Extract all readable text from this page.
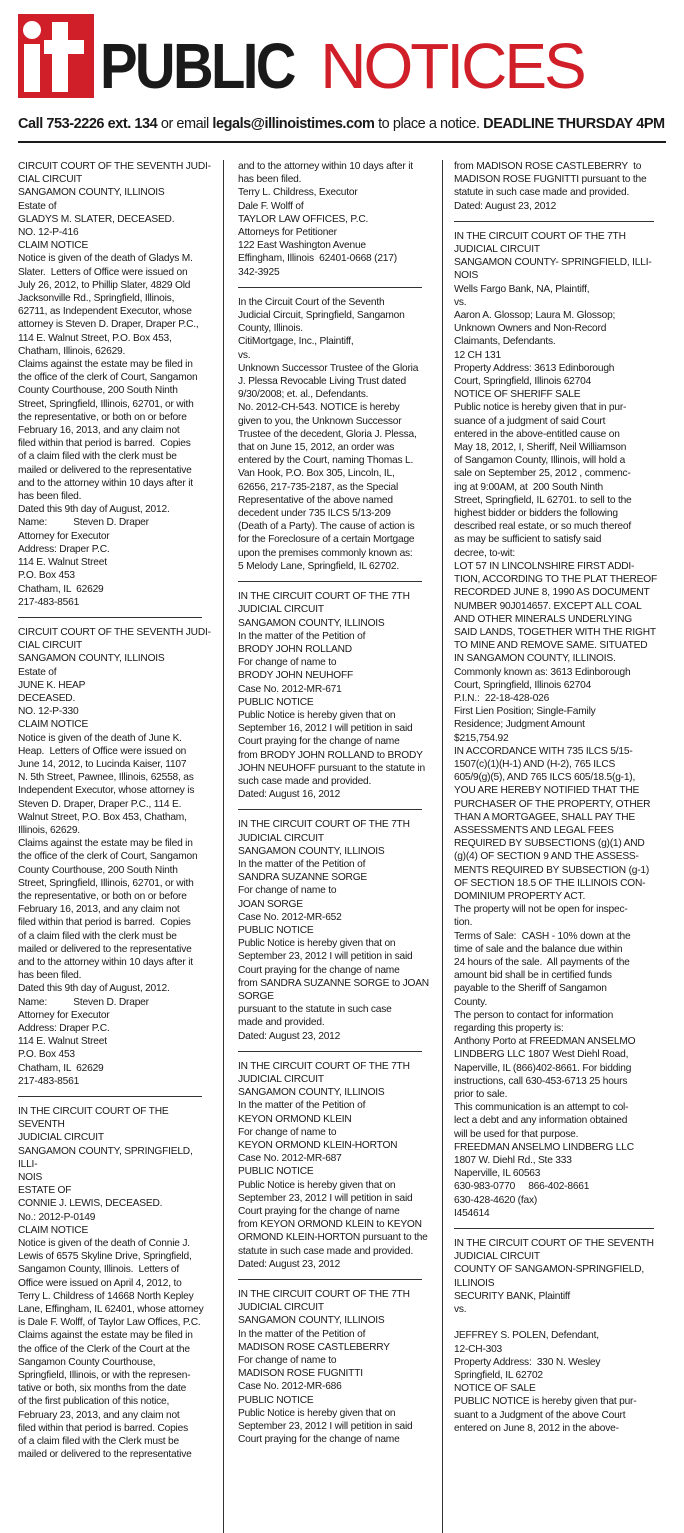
PUBLIC NOTICES
Call 753-2226 ext. 134 or email legals@illinoistimes.com to place a notice. DEADLINE THURSDAY 4PM
CIRCUIT COURT OF THE SEVENTH JUDI-
CIAL CIRCUIT
SANGAMON COUNTY, ILLINOIS
Estate of
GLADYS M. SLATER, DECEASED.
NO. 12-P-416
CLAIM NOTICE
Notice is given of the death of Gladys M.
Slater.  Letters of Office were issued on
July 26, 2012, to Phillip Slater, 4829 Old
Jacksonville Rd., Springfield, Illinois,
62711, as Independent Executor, whose
attorney is Steven D. Draper, Draper P.C.,
114 E. Walnut Street, P.O. Box 453,
Chatham, Illinois, 62629.
Claims against the estate may be filed in
the office of the clerk of Court, Sangamon
County Courthouse, 200 South Ninth
Street, Springfield, Illinois, 62701, or with
the representative, or both on or before
February 16, 2013, and any claim not
filed within that period is barred.  Copies
of a claim filed with the clerk must be
mailed or delivered to the representative
and to the attorney within 10 days after it
has been filed.
Dated this 9th day of August, 2012.
Name:          Steven D. Draper
Attorney for Executor
Address: Draper P.C.
114 E. Walnut Street
P.O. Box 453
Chatham, IL  62629
217-483-8561
CIRCUIT COURT OF THE SEVENTH JUDI-
CIAL CIRCUIT
SANGAMON COUNTY, ILLINOIS
Estate of
JUNE K. HEAP
DECEASED.
NO. 12-P-330
CLAIM NOTICE
Notice is given of the death of June K.
Heap.  Letters of Office were issued on
June 14, 2012, to Lucinda Kaiser, 1107
N. 5th Street, Pawnee, Illinois, 62558, as
Independent Executor, whose attorney is
Steven D. Draper, Draper P.C., 114 E.
Walnut Street, P.O. Box 453, Chatham,
Illinois, 62629.
Claims against the estate may be filed in
the office of the clerk of Court, Sangamon
County Courthouse, 200 South Ninth
Street, Springfield, Illinois, 62701, or with
the representative, or both on or before
February 16, 2013, and any claim not
filed within that period is barred.  Copies
of a claim filed with the clerk must be
mailed or delivered to the representative
and to the attorney within 10 days after it
has been filed.
Dated this 9th day of August, 2012.
Name:          Steven D. Draper
Attorney for Executor
Address: Draper P.C.
114 E. Walnut Street
P.O. Box 453
Chatham, IL  62629
217-483-8561
IN THE CIRCUIT COURT OF THE SEVENTH
JUDICIAL CIRCUIT
SANGAMON COUNTY, SPRINGFIELD, ILLI-
NOIS
ESTATE OF
CONNIE J. LEWIS, DECEASED.
No.: 2012-P-0149
CLAIM NOTICE
Notice is given of the death of Connie J.
Lewis of 6575 Skyline Drive, Springfield,
Sangamon County, Illinois.  Letters of
Office were issued on April 4, 2012, to
Terry L. Childress of 14668 North Kepley
Lane, Effingham, IL 62401, whose attorney
is Dale F. Wolff, of Taylor Law Offices, P.C.
Claims against the estate may be filed in
the office of the Clerk of the Court at the
Sangamon County Courthouse,
Springfield, Illinois, or with the represen-
tative or both, six months from the date
of the first publication of this notice,
February 23, 2013, and any claim not
filed within that period is barred. Copies
of a claim filed with the Clerk must be
mailed or delivered to the representative
and to the attorney within 10 days after it
has been filed.
Terry L. Childress, Executor
Dale F. Wolff of
TAYLOR LAW OFFICES, P.C.
Attorneys for Petitioner
122 East Washington Avenue
Effingham, Illinois  62401-0668 (217)
342-3925
In the Circuit Court of the Seventh
Judicial Circuit, Springfield, Sangamon
County, Illinois.
CitiMortgage, Inc., Plaintiff,
vs.
Unknown Successor Trustee of the Gloria
J. Plessa Revocable Living Trust dated
9/30/2008; et. al., Defendants.
No. 2012-CH-543. NOTICE is hereby
given to you, the Unknown Successor
Trustee of the decedent, Gloria J. Plessa,
that on June 15, 2012, an order was
entered by the Court, naming Thomas L.
Van Hook, P.O. Box 305, Lincoln, IL,
62656, 217-735-2187, as the Special
Representative of the above named
decedent under 735 ILCS 5/13-209
(Death of a Party). The cause of action is
for the Foreclosure of a certain Mortgage
upon the premises commonly known as:
5 Melody Lane, Springfield, IL 62702.
IN THE CIRCUIT COURT OF THE 7TH
JUDICIAL CIRCUIT
SANGAMON COUNTY, ILLINOIS
In the matter of the Petition of
BRODY JOHN ROLLAND
For change of name to
BRODY JOHN NEUHOFF
Case No. 2012-MR-671
PUBLIC NOTICE
Public Notice is hereby given that on
September 16, 2012 I will petition in said
Court praying for the change of name
from BRODY JOHN ROLLAND to BRODY
JOHN NEUHOFF pursuant to the statute in
such case made and provided.
Dated: August 16, 2012
IN THE CIRCUIT COURT OF THE 7TH
JUDICIAL CIRCUIT
SANGAMON COUNTY, ILLINOIS
In the matter of the Petition of
SANDRA SUZANNE SORGE
For change of name to
JOAN SORGE
Case No. 2012-MR-652
PUBLIC NOTICE
Public Notice is hereby given that on
September 23, 2012 I will petition in said
Court praying for the change of name
from SANDRA SUZANNE SORGE to JOAN
SORGE
pursuant to the statute in such case
made and provided.
Dated: August 23, 2012
IN THE CIRCUIT COURT OF THE 7TH
JUDICIAL CIRCUIT
SANGAMON COUNTY, ILLINOIS
In the matter of the Petition of
KEYON ORMOND KLEIN
For change of name to
KEYON ORMOND KLEIN-HORTON
Case No. 2012-MR-687
PUBLIC NOTICE
Public Notice is hereby given that on
September 23, 2012 I will petition in said
Court praying for the change of name
from KEYON ORMOND KLEIN to KEYON
ORMOND KLEIN-HORTON pursuant to the
statute in such case made and provided.
Dated: August 23, 2012
IN THE CIRCUIT COURT OF THE 7TH
JUDICIAL CIRCUIT
SANGAMON COUNTY, ILLINOIS
In the matter of the Petition of
MADISON ROSE CASTLEBERRY
For change of name to
MADISON ROSE FUGNITTI
Case No. 2012-MR-686
PUBLIC NOTICE
Public Notice is hereby given that on
September 23, 2012 I will petition in said
Court praying for the change of name
from MADISON ROSE CASTLEBERRY  to
MADISON ROSE FUGNITTI pursuant to the
statute in such case made and provided.
Dated: August 23, 2012
IN THE CIRCUIT COURT OF THE 7TH
JUDICIAL CIRCUIT
SANGAMON COUNTY- SPRINGFIELD, ILLI-
NOIS
Wells Fargo Bank, NA, Plaintiff,
vs.
Aaron A. Glossop; Laura M. Glossop;
Unknown Owners and Non-Record
Claimants, Defendants.
12 CH 131
Property Address: 3613 Edinborough
Court, Springfield, Illinois 62704
NOTICE OF SHERIFF SALE
Public notice is hereby given that in pur-
suance of a judgment of said Court
entered in the above-entitled cause on
May 18, 2012, I, Sheriff, Neil Williamson
of Sangamon County, Illinois, will hold a
sale on September 25, 2012 , commenc-
ing at 9:00AM, at  200 South Ninth
Street, Springfield, IL 62701. to sell to the
highest bidder or bidders the following
described real estate, or so much thereof
as may be sufficient to satisfy said
decree, to-wit:
LOT 57 IN LINCOLNSHIRE FIRST ADDI-
TION, ACCORDING TO THE PLAT THEREOF
RECORDED JUNE 8, 1990 AS DOCUMENT
NUMBER 90J014657. EXCEPT ALL COAL
AND OTHER MINERALS UNDERLYING
SAID LANDS, TOGETHER WITH THE RIGHT
TO MINE AND REMOVE SAME. SITUATED
IN SANGAMON COUNTY, ILLINOIS.
Commonly known as: 3613 Edinborough
Court, Springfield, Illinois 62704
P.I.N.:  22-18-428-026
First Lien Position; Single-Family
Residence; Judgment Amount
$215,754.92
IN ACCORDANCE WITH 735 ILCS 5/15-
1507(c)(1)(H-1) AND (H-2), 765 ILCS
605/9(g)(5), AND 765 ILCS 605/18.5(g-1),
YOU ARE HEREBY NOTIFIED THAT THE
PURCHASER OF THE PROPERTY, OTHER
THAN A MORTGAGEE, SHALL PAY THE
ASSESSMENTS AND LEGAL FEES
REQUIRED BY SUBSECTIONS (g)(1) AND
(g)(4) OF SECTION 9 AND THE ASSESS-
MENTS REQUIRED BY SUBSECTION (g-1)
OF SECTION 18.5 OF THE ILLINOIS CON-
DOMINIUM PROPERTY ACT.
The property will not be open for inspec-
tion.
Terms of Sale:  CASH - 10% down at the
time of sale and the balance due within
24 hours of the sale.  All payments of the
amount bid shall be in certified funds
payable to the Sheriff of Sangamon
County.
The person to contact for information
regarding this property is:
Anthony Porto at FREEDMAN ANSELMO
LINDBERG LLC 1807 West Diehl Road,
Naperville, IL (866)402-8661. For bidding
instructions, call 630-453-6713 25 hours
prior to sale.
This communication is an attempt to col-
lect a debt and any information obtained
will be used for that purpose.
FREEDMAN ANSELMO LINDBERG LLC
1807 W. Diehl Rd., Ste 333
Naperville, IL 60563
630-983-0770     866-402-8661
630-428-4620 (fax)
I454614
IN THE CIRCUIT COURT OF THE SEVENTH
JUDICIAL CIRCUIT
COUNTY OF SANGAMON-SPRINGFIELD,
ILLINOIS
SECURITY BANK, Plaintiff
vs.

JEFFREY S. POLEN, Defendant,
12-CH-303
Property Address:  330 N. Wesley
Springfield, IL 62702
NOTICE OF SALE
PUBLIC NOTICE is hereby given that pur-
suant to a Judgment of the above Court
entered on June 8, 2012 in the above-
